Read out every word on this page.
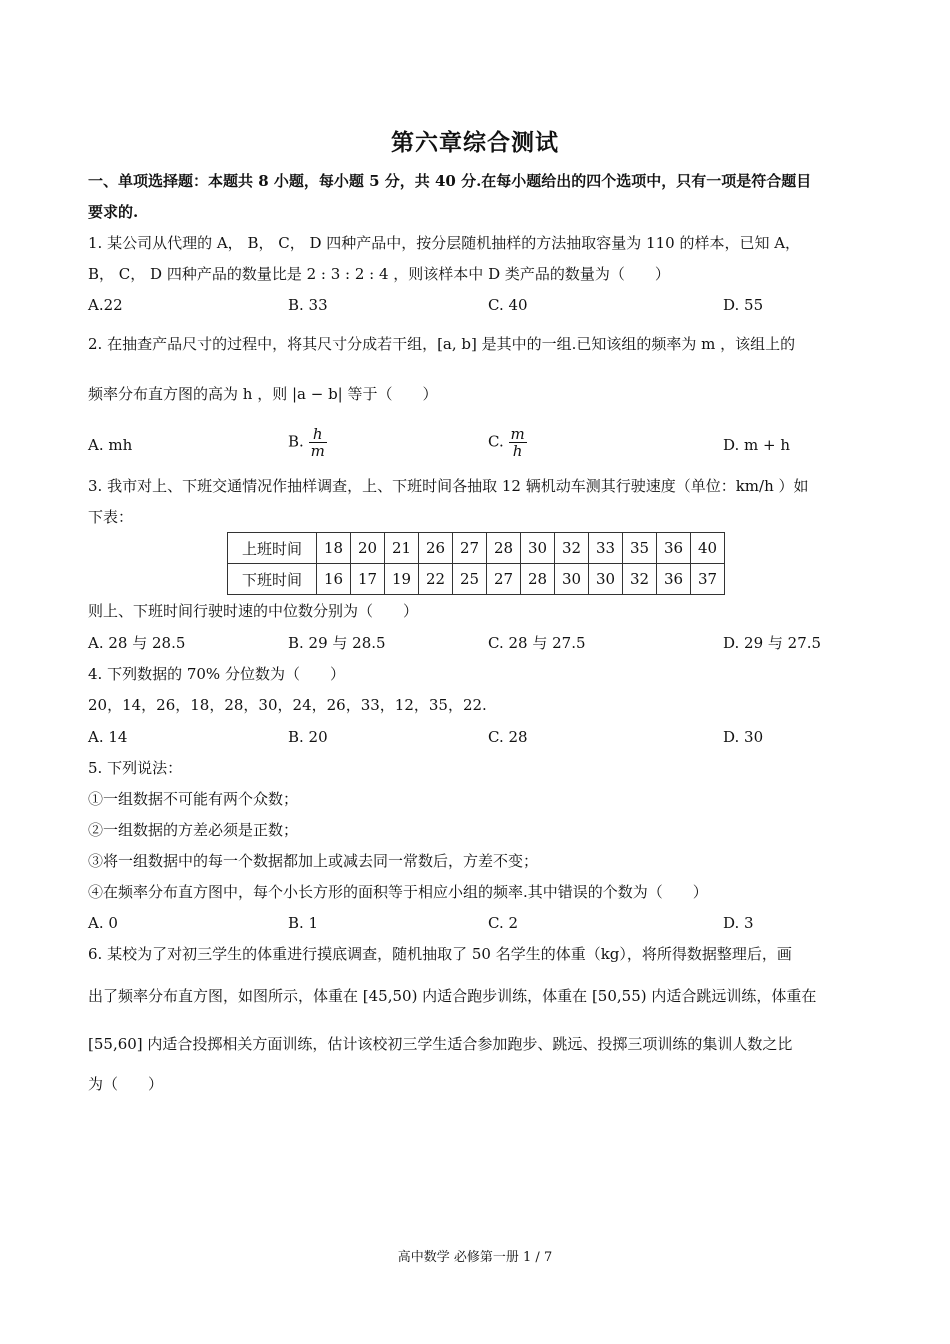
第六章综合测试
一、单项选择题：本题共 8 小题，每小题 5 分，共 40 分.在每小题给出的四个选项中，只有一项是符合题目
要求的.
1. 某公司从代理的 A， B， C， D 四种产品中，按分层随机抽样的方法抽取容量为 110 的样本，已知 A，
B， C， D 四种产品的数量比是 2 : 3 : 2 : 4 ，则该样本中 D 类产品的数量为（　　）
A.22	B. 33	C. 40	D. 55
2. 在抽查产品尺寸的过程中，将其尺寸分成若干组，[a, b] 是其中的一组.已知该组的频率为 m ，该组上的
频率分布直方图的高为 h ，则 |a − b| 等于（　　）
A. mh	B. $\frac{h}{m}$	C. $\frac{m}{h}$	D. m + h
3. 我市对上、下班交通情况作抽样调查，上、下班时间各抽取 12 辆机动车测其行驶速度（单位：km/h ）如
下表：
上班时间	18	20	21	26	27	28	30	32	33	35	36	40
下班时间	16	17	19	22	25	27	28	30	30	32	36	37
则上、下班时间行驶时速的中位数分别为（　　）
A. 28 与 28.5	B. 29 与 28.5	C. 28 与 27.5	D. 29 与 27.5
4. 下列数据的 70% 分位数为（　　）
20，14，26，18，28，30，24，26，33，12，35，22.
A. 14	B. 20	C. 28	D. 30
5. 下列说法：
①一组数据不可能有两个众数；
②一组数据的方差必须是正数；
③将一组数据中的每一个数据都加上或减去同一常数后，方差不变；
④在频率分布直方图中，每个小长方形的面积等于相应小组的频率.其中错误的个数为（　　）
A. 0	B. 1	C. 2	D. 3
6. 某校为了对初三学生的体重进行摸底调查，随机抽取了 50 名学生的体重（kg），将所得数据整理后，画
出了频率分布直方图，如图所示，体重在 [45,50) 内适合跑步训练，体重在 [50,55) 内适合跳远训练，体重在
[55,60] 内适合投掷相关方面训练，估计该校初三学生适合参加跑步、跳远、投掷三项训练的集训人数之比
为（　　）
高中数学 必修第一册 1 / 7
